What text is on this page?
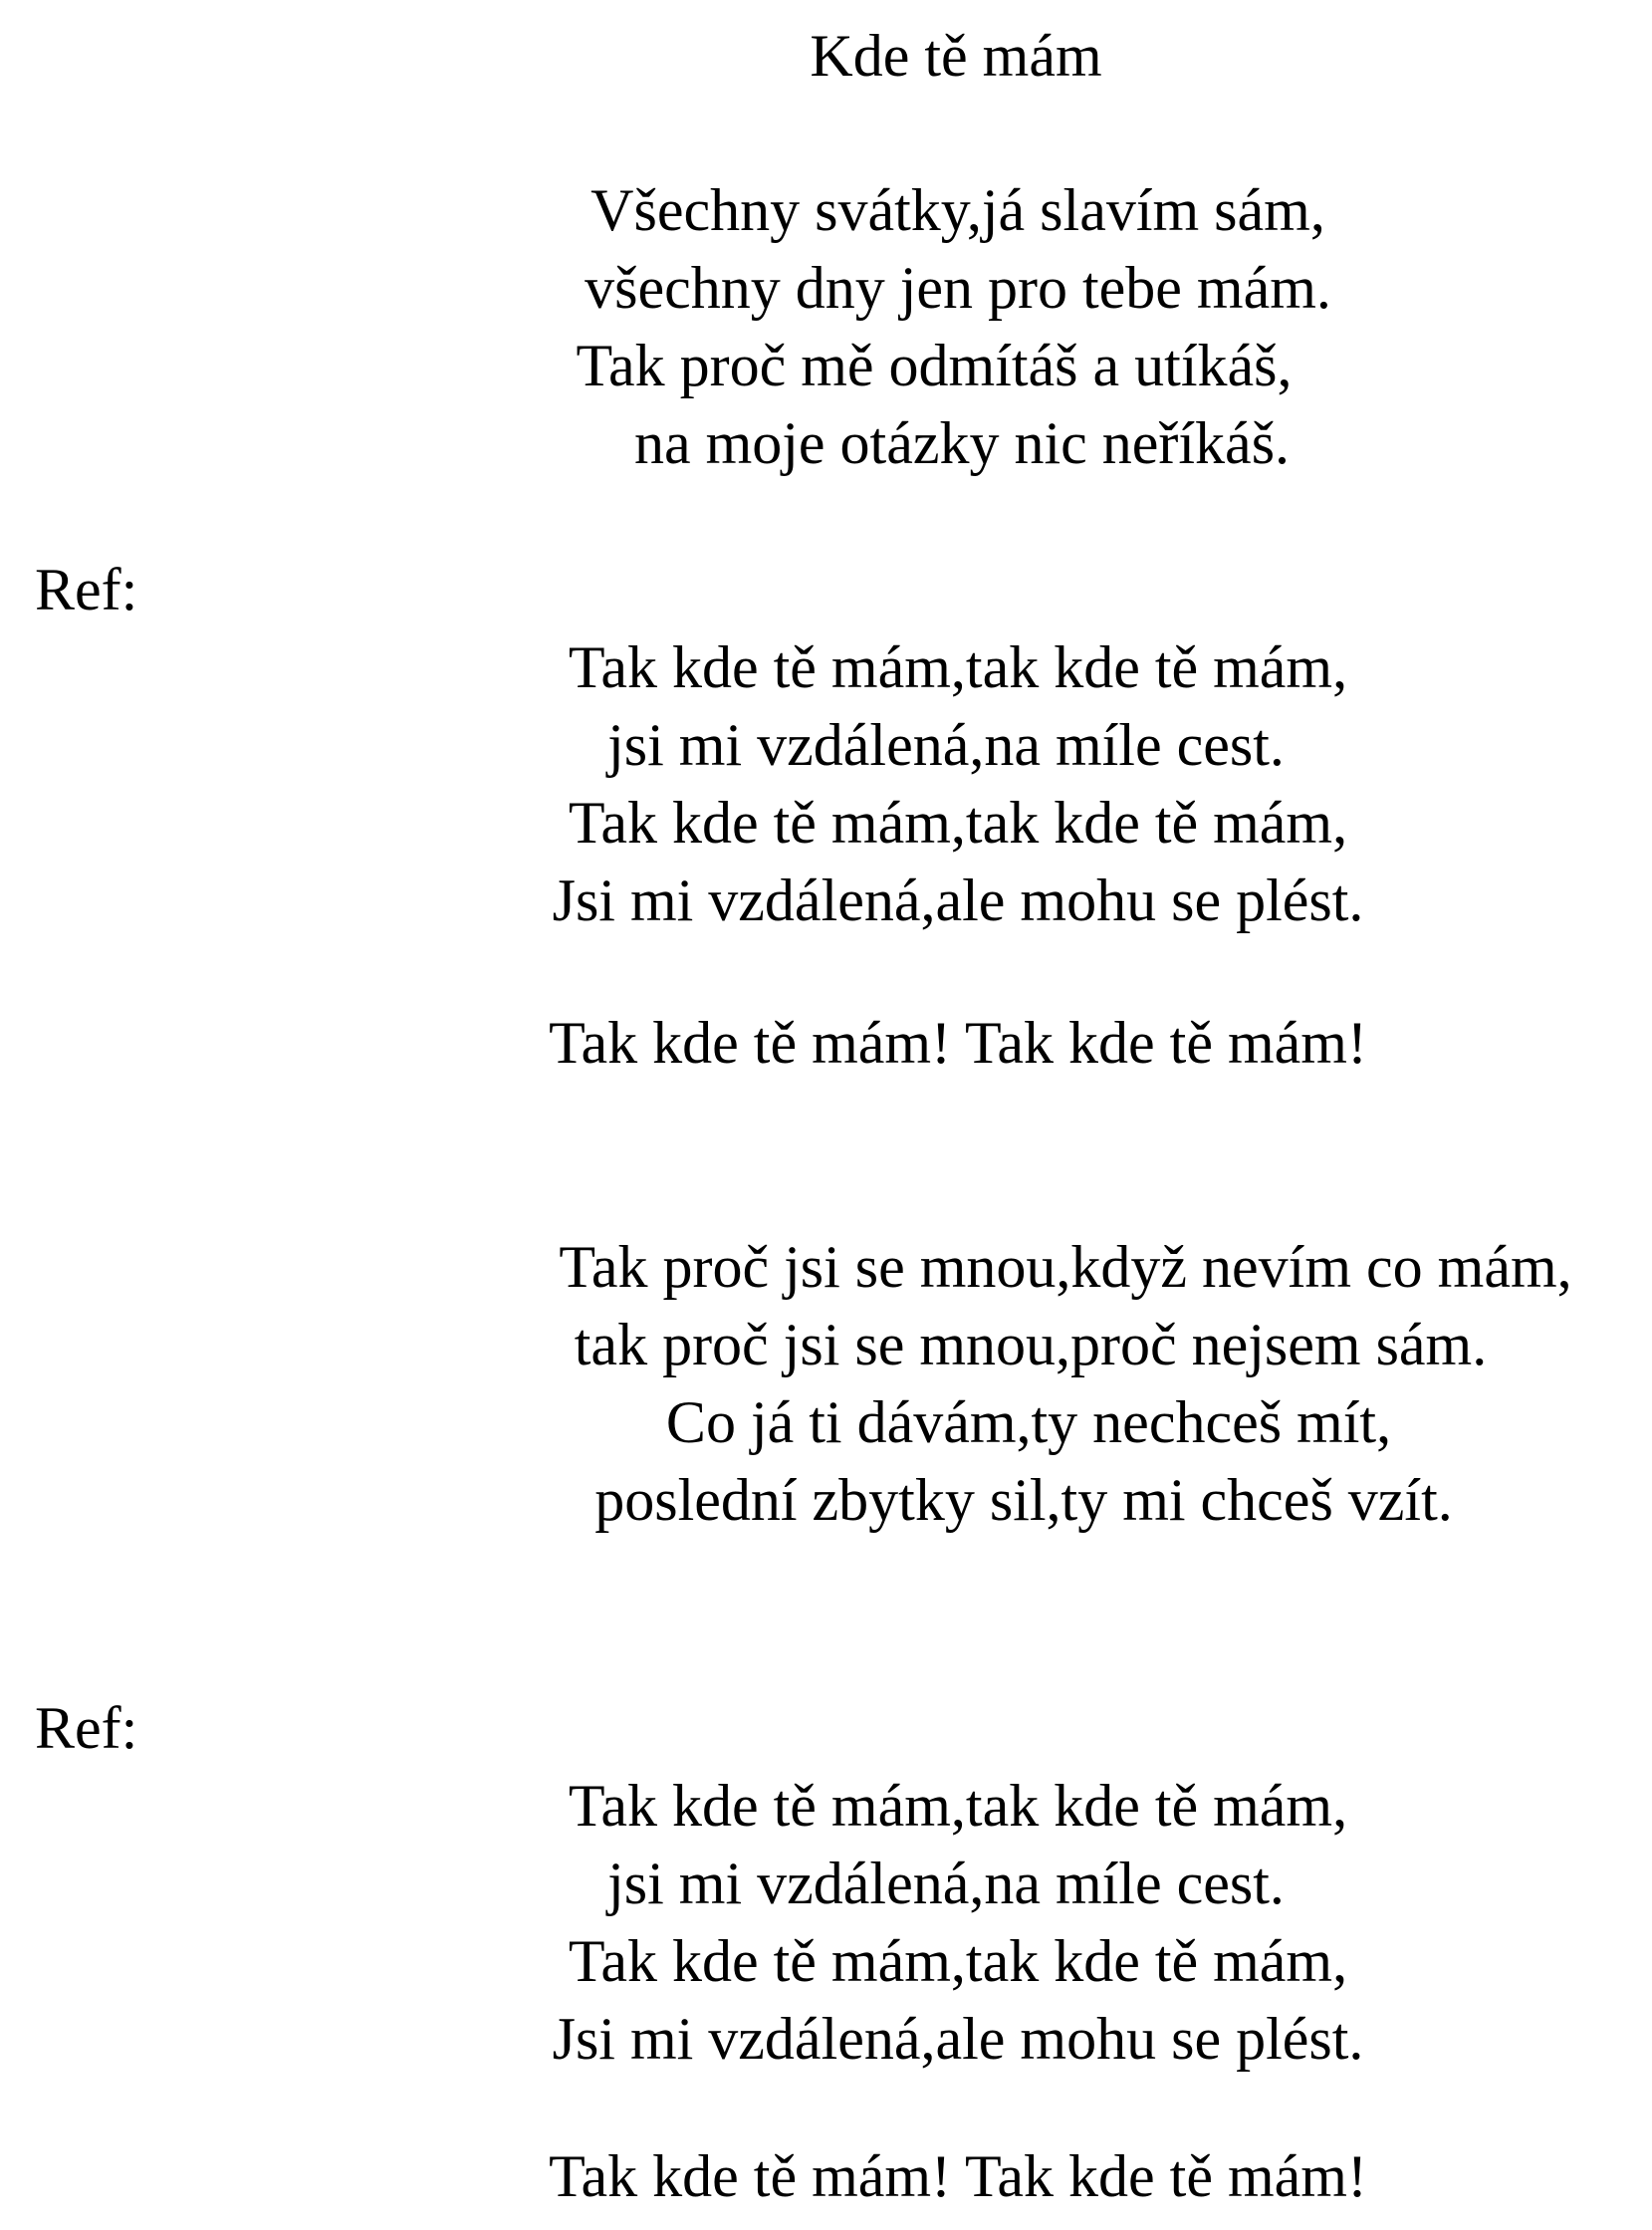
Kde tě mám
Všechny svátky,já slavím sám,
všechny dny jen pro tebe mám.
Tak proč mě odmítáš a utíkáš,
na moje otázky nic neříkáš.
Ref:
Tak kde tě mám,tak kde tě mám,
jsi mi vzdálená,na míle cest.
Tak kde tě mám,tak kde tě mám,
Jsi mi vzdálená,ale mohu se plést.
Tak kde tě mám! Tak kde tě mám!
Tak proč jsi se mnou,když nevím co mám,
tak proč jsi se mnou,proč nejsem sám.
Co já ti dávám,ty nechceš mít,
poslední zbytky sil,ty mi chceš vzít.
Ref:
Tak kde tě mám,tak kde tě mám,
jsi mi vzdálená,na míle cest.
Tak kde tě mám,tak kde tě mám,
Jsi mi vzdálená,ale mohu se plést.
Tak kde tě mám! Tak kde tě mám!
